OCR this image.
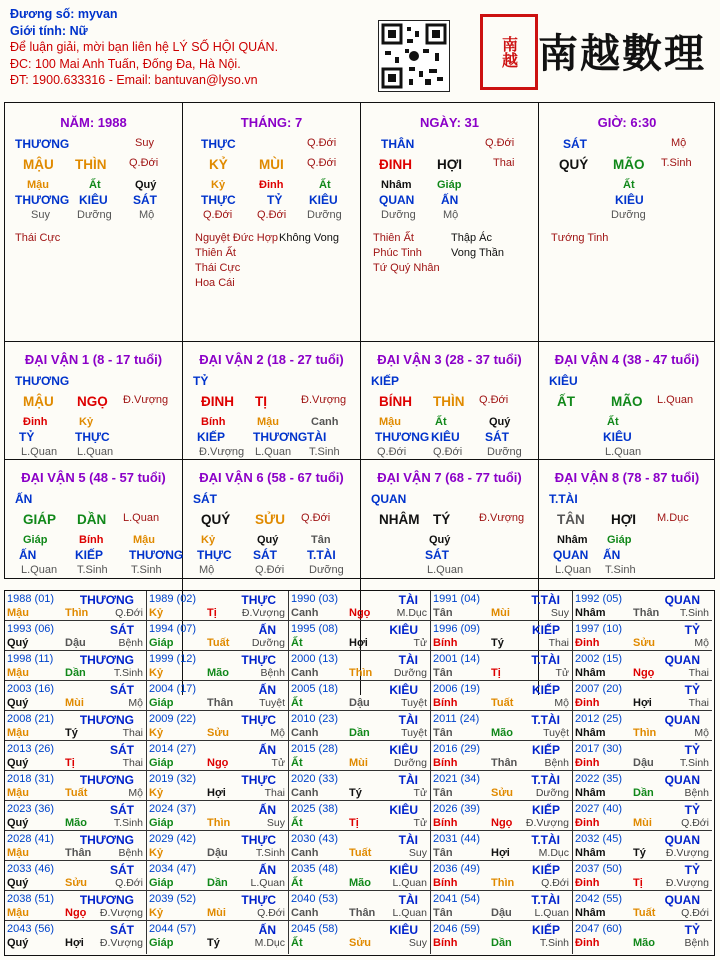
Đương số: myvan
Giới tính: Nữ
Để luận giải, mời bạn liên hệ LÝ SỐ HỘI QUÁN.
ĐC: 100 Mai Anh Tuấn, Đống Đa, Hà Nội.
ĐT: 1900.633316 - Email: bantuvan@lyso.vn
南越 南越數理
NĂM: 1988
THƯƠNG	Suy
MẬU THÌN Q.Đới
Mậu	Ất	Quý
THƯƠNG KIÊU SÁT
Suy Dưỡng Mộ
Thái Cực
THÁNG: 7
THỰC	Q.Đới
KỶ MÙI Q.Đới
Kỷ	Đinh	Ất
THỰC	TỶ KIÊU
Q.Đới Q.Đới Dưỡng
Nguyệt Đức Hợp Không Vong
Thiên Ất
Thái Cực
Hoa Cái
NGÀY: 31
THÂN	Q.Đới
ĐINH HỢI	Thai
Nhâm Giáp
QUAN ẤN
Dưỡng Mộ
Thiên Ất	Thập Ác
Phúc Tinh	Vong Thần
Tứ Quý Nhân
GIỜ: 6:30
SÁT	Mộ
QUÝ MÃO T.Sinh
Ất
KIÊU
Dưỡng
Tướng Tinh
ĐẠI VẬN 1 (8 - 17 tuổi)
THƯƠNG
MẬU NGỌ Đ.Vượng
Đinh
TỶ
L.Quan
Kỷ
THỰC
L.Quan
ĐẠI VẬN 2 (18 - 27 tuổi)
TỶ
ĐINH TỊ	Đ.Vượng
Bính
KIẾP
Đ.Vượng
Mậu
THƯƠNG
L.Quan
Canh
TÀI
T.Sinh
ĐẠI VẬN 3 (28 - 37 tuổi)
KIẾP
BÍNH THÌN Q.Đới
Mậu
THƯƠNG
Q.Đới
Ất
KIÊU
Q.Đới
Quý
SÁT
Dưỡng
ĐẠI VẬN 4 (38 - 47 tuổi)
KIÊU
ẤT	MÃO L.Quan
Ất
KIÊU
L.Quan
ĐẠI VẬN 5 (48 - 57 tuổi)
ẤN
GIÁP DẦN L.Quan
Giáp
ẤN
L.Quan
Bính
KIẾP
T.Sinh
Mậu
THƯƠNG
T.Sinh
ĐẠI VẬN 6 (58 - 67 tuổi)
SÁT
QUÝ SỬU Q.Đới
Kỷ
THỰC
Mộ
Quý
SÁT
Q.Đới
Tân
T.TÀI
Dưỡng
ĐẠI VẬN 7 (68 - 77 tuổi)
QUAN
NHÂM TÝ	Đ.Vượng
Quý
SÁT
L.Quan
ĐẠI VẬN 8 (78 - 87 tuổi)
T.TÀI
TÂN HỢI M.Dục
Nhâm
QUAN
L.Quan
Giáp
ẤN
T.Sinh
1988 (01) THƯƠNG
Mậu	Thìn	Q.Đới
1989 (02)	THỰC
Kỷ	Tị Đ.Vượng
1990 (03)	TÀI
Canh	Ngọ	M.Dục
1991 (04)	T.TÀI
Tân	Mùi	Suy
1992 (05)	QUAN
Nhâm Thân T.Sinh
1993 (06)	SÁT
Quý	Dậu	Bệnh
1994 (07)	ẤN
Giáp	Tuất Dưỡng
1995 (08)	KIÊU
Ất	Hợi	Tử
1996 (09)	KIẾP
Bính	Tý	Thai
1997 (10)	TỶ
Đinh	Sửu	Mộ
1998 (11) THƯƠNG
Mậu	Dần	T.Sinh
1999 (12)	THỰC
Kỷ	Mão	Bệnh
2000 (13)	TÀI
Canh	Thìn Dưỡng
2001 (14)	T.TÀI
Tân	Tị	Tử
2002 (15)	QUAN
Nhâm Ngọ	Thai
2003 (16)	SÁT
Quý	Mùi	Mộ
2004 (17)	ẤN
Giáp	Thân Tuyệt
2005 (18)	KIÊU
Ất	Dậu	Tuyệt
2006 (19)	KIẾP
Bính	Tuất	Mộ
2007 (20)	TỶ
Đinh	Hợi	Thai
2008 (21) THƯƠNG
Mậu	Tý	Thai
2009 (22)	THỰC
Kỷ	Sửu	Mộ
2010 (23)	TÀI
Canh	Dần	Tuyệt
2011 (24)	T.TÀI
Tân	Mão	Tuyệt
2012 (25)	QUAN
Nhâm Thìn	Mộ
2013 (26)	SÁT
Quý	Tị	Thai
2014 (27)	ẤN
Giáp	Ngọ	Tử
2015 (28)	KIÊU
Ất	Mùi Dưỡng
2016 (29)	KIẾP
Bính	Thân	Bệnh
2017 (30)	TỶ
Đinh	Dậu T.Sinh
2018 (31) THƯƠNG
Mậu	Tuất	Mộ
2019 (32)	THỰC
Kỷ	Hợi	Thai
2020 (33)	TÀI
Canh	Tý	Tử
2021 (34)	T.TÀI
Tân	Sửu Dưỡng
2022 (35)	QUAN
Nhâm Dần	Bệnh
2023 (36)	SÁT
Quý	Mão	T.Sinh
2024 (37)	ẤN
Giáp	Thìn	Suy
2025 (38)	KIÊU
Ất	Tị	Tử
2026 (39)	KIẾP
Bính	Ngọ Đ.Vượng
2027 (40)	TỶ
Đinh	Mùi	Q.Đới
2028 (41) THƯƠNG
Mậu	Thân	Bệnh
2029 (42)	THỰC
Kỷ	Dậu	T.Sinh
2030 (43)	TÀI
Canh	Tuất	Suy
2031 (44)	T.TÀI
Tân	Hợi	M.Dục
2032 (45)	QUAN
Nhâm Tý Đ.Vượng
2033 (46)	SÁT
Quý	Sửu	Q.Đới
2034 (47)	ẤN
Giáp	Dần L.Quan
2035 (48)	KIÊU
Ất	Mão L.Quan
2036 (49)	KIẾP
Bính	Thìn	Q.Đới
2037 (50)	TỶ
Đinh	Tị Đ.Vượng
2038 (51) THƯƠNG
Mậu	Ngọ Đ.Vượng
2039 (52)	THỰC
Kỷ	Mùi	Q.Đới
2040 (53)	TÀI
Canh	Thân L.Quan
2041 (54)	T.TÀI
Tân	Dậu L.Quan
2042 (55)	QUAN
Nhâm Tuất Q.Đới
2043 (56)	SÁT
Quý	Hợi Đ.Vượng
2044 (57)	ẤN
Giáp	Tý	M.Dục
2045 (58)	KIÊU
Ất	Sửu	Suy
2046 (59)	KIẾP
Bính	Dần	T.Sinh
2047 (60)	TỶ
Đinh	Mão	Bệnh
